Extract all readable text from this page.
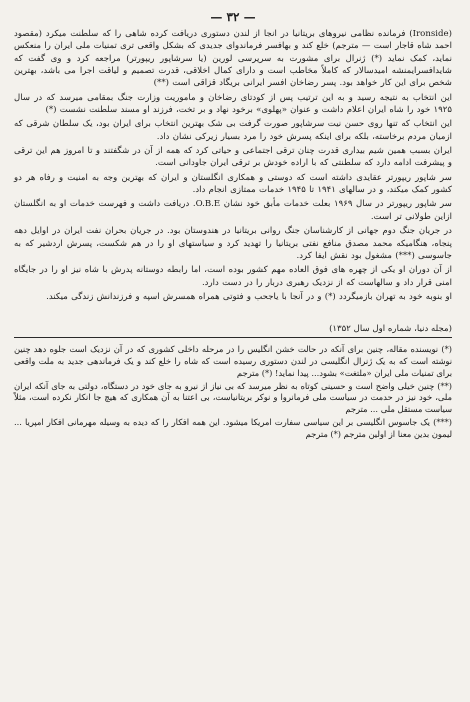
— ۳۲ —

(Ironside) فرمانده نظامی نیروهای بریتانیا در انجا از لندن دستوری دریافت کرده شاهی را که سلطنت میکرد (مقصود احمد شاه قاجار است — مترجم) خلع کند و بهافسر فرماندوای جدیدی که بشکل واقعی تری تمنیات ملی ایران را منعکس نماید، کمک نماید (*) ژنرال برای مشورت به سرپرسی لورین (یا سرشاپور ریپورتر) مراجعه کرد و وی گفت که شایدافسرایمنشه امیدسالار که کاملاً مخاطب است و دارای کمال اخلاقی، قدرت تصمیم و لیاقت اجرا می باشد، بهترین شخص برای این کار خواهد بود. پسر رضاخان افسر ایرانی بریگاد قزاقی است (**)

این انتخاب به نتیجه رسید و به این ترتیب پس از کودتای رضاخان و ماموریت وزارت جنگ بمقامی میرسد که در سال ۱۹۲۵ خود را شاه ایران اعلام داشت و عنوان «پهلوی» برخود نهاد و بر تخت، فرزند او مسند سلطنت نشست (*)

این انتخاب که تنها روی حسن نیت سرشاپور صورت گرفت بی شک بهترین انتخاب برای ایران بود، یک سلطان شرقی که ازمیان مردم برخاسته، بلکه برای اینکه پسرش خود را مرد بسیار زیرکی نشان داد.

ایران بسبب همین شیم بیداری قدرت چنان ترقی اجتماعی و حیاتی کرد که همه از آن در شگفتند و تا امروز هم این ترقی و پیشرفت ادامه دارد که سلطنتی که با اراده خودش بر ترقی ایران جاودانی است.

سر شاپور ریپورتر عقایدی داشته است که دوستی و همکاری انگلستان و ایران که بهترین وجه به امنیت و رفاه هر دو کشور کمک میکند، و در سالهای ۱۹۴۱ تا ۱۹۴۵ خدمات ممتازی انجام داد.

سر شاپور ریپورتر در سال ۱۹۶۹ بعلت خدمات مأبق خود نشان O.B.E. دریافت داشت و فهرست خدمات او به انگلستان ازاین طولانی تر است.

در جریان جنگ دوم جهانی از کارشناسان جنگ روانی بریتانیا در هندوستان بود. در جریان بحران نفت ایران در اوایل دهه پنجاه، هنگامیکه محمد مصدق منافع نفتی بریتانیا را تهدید کرد و سیاستهای او را در هم شکست، پسرش اردشیر که به جاسوسی (***) مشغول بود نقش ایفا کرد.

از آن دوران او یکی از چهره های فوق العاده مهم کشور بوده است، اما رابطه دوستانه پدرش با شاه نیز او را در جایگاه امنی قرار داد و سالهاست که از نزدیک رهبری دربار را در دست دارد.

او بنوبه خود به تهران بازمیگردد (*) و در آنجا با یاجحب و فتوتی همراه همسرش اسپه و فرزندانش زندگی میکند.

(مجله دنیا، شماره اول سال ۱۳۵۲)

(*) نویسنده مقاله، چنین برای آنکه در حالت خشن انگلیس را در مرحله داخلی کشوری که در آن نزدیک است جلوه دهد چنین نوشته است که به یک ژنرال انگلیسی در لندن دستوری رسیده است که شاه را خلع کند و یک فرماندهی جدید به ملت واقعی برای تمنیات ملی ایران «ملتغت» بشود... پیدا نماید! (*) مترجم

(**) چنین خیلی واضح است و حسینی کوتاه به نظر میرسد که بی نیاز از نیرو به جای خود در دستگاه، دولتی به جای آنکه ایران ملی، خود نیز در حدمت در سیاست ملی فرمانروا و نوکر بریتانیاست، بی اعتنا به آن همکاری که هیچ جا انکار نکرده است، مثلاً سیاست مستقل ملی ... مترجم

(***) یک جاسوس انگلیسی بر این سیاسی سفارت امریکا میشود. این همه افکار را که دیده به وسیله مهرمانی افکار امپریا ... لیمون بدین معنا از اولین مترجم (*) مترجم
